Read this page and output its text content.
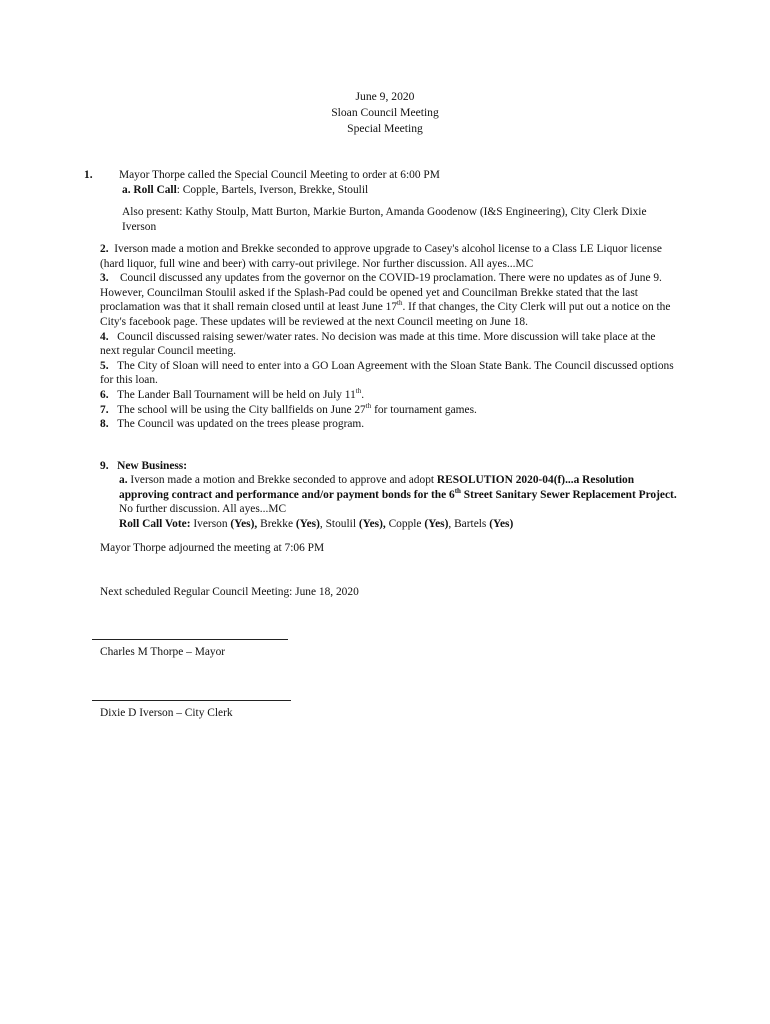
June 9, 2020
Sloan Council Meeting
Special Meeting
1. Mayor Thorpe called the Special Council Meeting to order at 6:00 PM
a. Roll Call: Copple, Bartels, Iverson, Brekke, Stoulil
Also present: Kathy Stoulp, Matt Burton, Markie Burton, Amanda Goodenow (I&S Engineering), City Clerk Dixie Iverson

2. Iverson made a motion and Brekke seconded to approve upgrade to Casey's alcohol license to a Class LE Liquor license (hard liquor, full wine and beer) with carry-out privilege. Nor further discussion. All ayes...MC

3. Council discussed any updates from the governor on the COVID-19 proclamation. There were no updates as of June 9. However, Councilman Stoulil asked if the Splash-Pad could be opened yet and Councilman Brekke stated that the last proclamation was that it shall remain closed until at least June 17th. If that changes, the City Clerk will put out a notice on the City's facebook page. These updates will be reviewed at the next Council meeting on June 18.

4. Council discussed raising sewer/water rates. No decision was made at this time. More discussion will take place at the next regular Council meeting.

5. The City of Sloan will need to enter into a GO Loan Agreement with the Sloan State Bank. The Council discussed options for this loan.

6. The Lander Ball Tournament will be held on July 11th.

7. The school will be using the City ballfields on June 27th for tournament games.

8. The Council was updated on the trees please program.

9. New Business:
a. Iverson made a motion and Brekke seconded to approve and adopt RESOLUTION 2020-04(f)...a Resolution approving contract and performance and/or payment bonds for the 6th Street Sanitary Sewer Replacement Project. No further discussion. All ayes...MC
Roll Call Vote: Iverson (Yes), Brekke (Yes), Stoulil (Yes), Copple (Yes), Bartels (Yes)
Mayor Thorpe adjourned the meeting at 7:06 PM
Next scheduled Regular Council Meeting: June 18, 2020
Charles M Thorpe – Mayor
Dixie D Iverson – City Clerk
